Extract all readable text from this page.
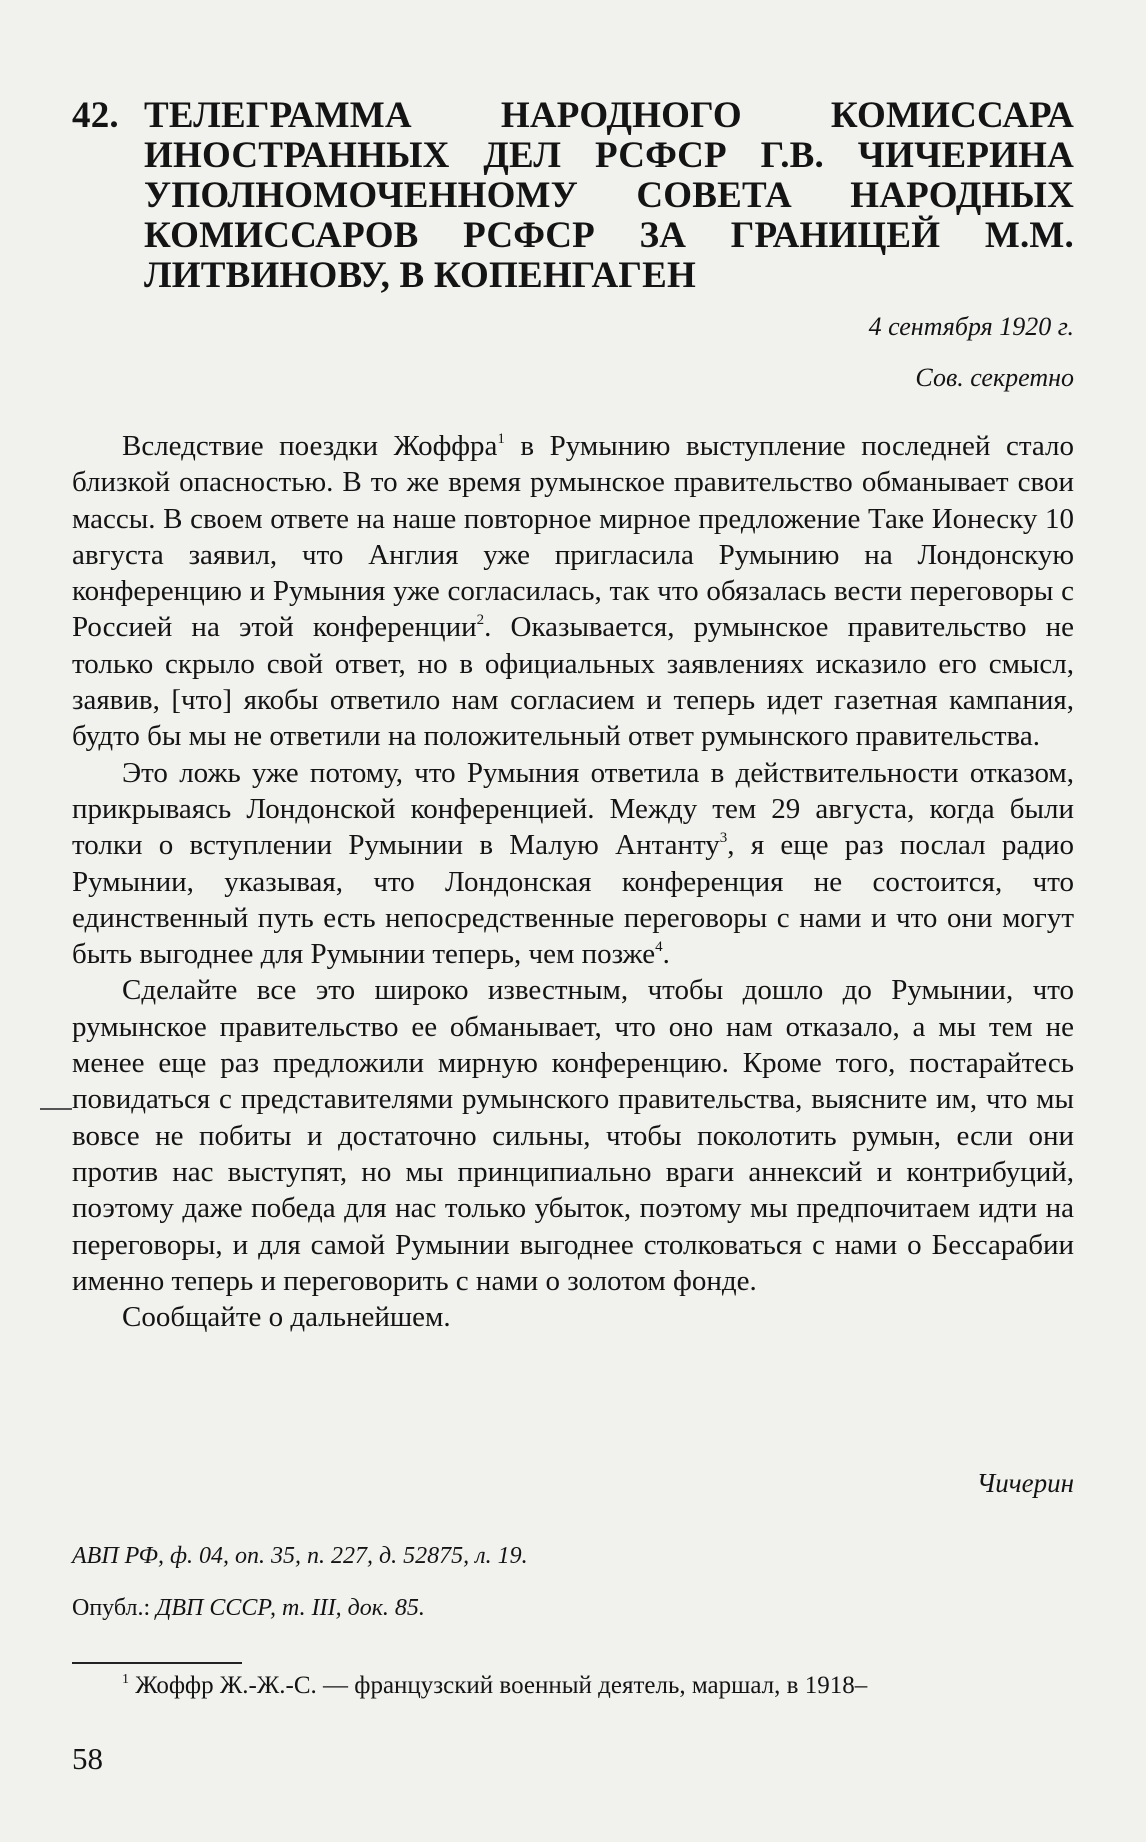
42. ТЕЛЕГРАММА НАРОДНОГО КОМИССАРА ИНОСТРАННЫХ ДЕЛ РСФСР Г.В. ЧИЧЕРИНА УПОЛНОМОЧЕННОМУ СОВЕТА НАРОДНЫХ КОМИССАРОВ РСФСР ЗА ГРАНИЦЕЙ М.М. ЛИТВИНОВУ, В КОПЕНГАГЕН
4 сентября 1920 г.
Сов. секретно

Вследствие поездки Жоффра$^1$ в Румынию выступление последней стало близкой опасностью. В то же время румынское правительство обманывает свои массы. В своем ответе на наше повторное мирное предложение Таке Ионеску 10 августа заявил, что Англия уже пригласила Румынию на Лондонскую конференцию и Румыния уже согласилась, так что обязалась вести переговоры с Россией на этой конференции$^2$. Оказывается, румынское правительство не только скрыло свой ответ, но в официальных заявлениях исказило его смысл, заявив, [что] якобы ответило нам согласием и теперь идет газетная кампания, будто бы мы не ответили на положительный ответ румынского правительства.

Это ложь уже потому, что Румыния ответила в действительности отказом, прикрываясь Лондонской конференцией. Между тем 29 августа, когда были толки о вступлении Румынии в Малую Антанту$^3$, я еще раз послал радио Румынии, указывая, что Лондонская конференция не состоится, что единственный путь есть непосредственные переговоры с нами и что они могут быть выгоднее для Румынии теперь, чем позже$^4$.

Сделайте все это широко известным, чтобы дошло до Румынии, что румынское правительство ее обманывает, что оно нам отказало, а мы тем не менее еще раз предложили мирную конференцию. Кроме того, постарайтесь повидаться с представителями румынского правительства, выясните им, что мы вовсе не побиты и достаточно сильны, чтобы поколотить румын, если они против нас выступят, но мы принципиально враги аннексий и контрибуций, поэтому даже победа для нас только убыток, поэтому мы предпочитаем идти на переговоры, и для самой Румынии выгоднее столковаться с нами о Бессарабии именно теперь и переговорить с нами о золотом фонде.

Сообщайте о дальнейшем.

Чичерин
АВП РФ, ф. 04, оп. 35, п. 227, д. 52875, л. 19.
Опубл.: ДВП СССР, т. III, док. 85.
$^1$ Жоффр Ж.-Ж.-С. — французский военный деятель, маршал, в 1918–
58
